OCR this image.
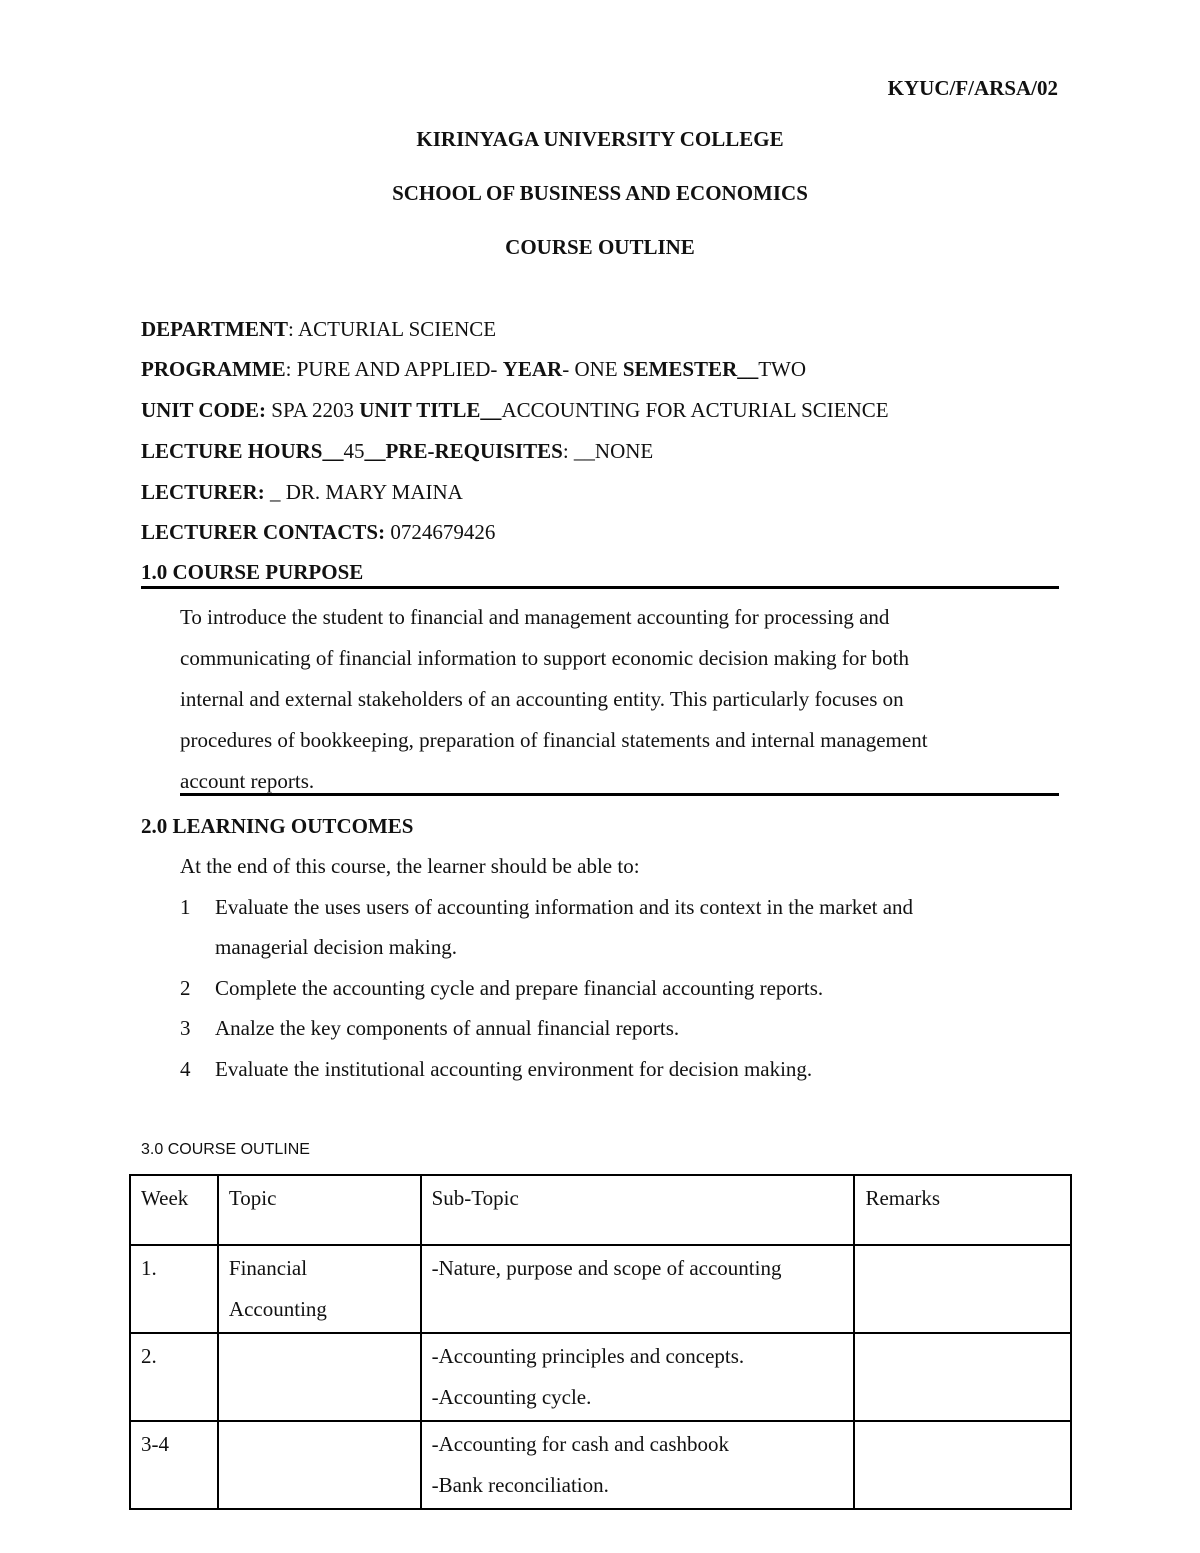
KYUC/F/ARSA/02
KIRINYAGA UNIVERSITY COLLEGE
SCHOOL OF BUSINESS AND ECONOMICS
COURSE OUTLINE
DEPARTMENT: ACTURIAL SCIENCE
PROGRAMME: PURE AND APPLIED- YEAR- ONE SEMESTER__TWO
UNIT CODE: SPA 2203 UNIT TITLE__ACCOUNTING FOR ACTURIAL SCIENCE
LECTURE HOURS__45__PRE-REQUISITES: __NONE
LECTURER: _ DR. MARY MAINA
LECTURER CONTACTS: 0724679426
1.0 COURSE PURPOSE
To introduce the student to financial and management accounting for processing and
communicating of financial information to support economic decision making for both
internal and external stakeholders of an accounting entity. This particularly focuses on
procedures of bookkeeping, preparation of financial statements and internal management
account reports.
2.0 LEARNING OUTCOMES
At the end of this course, the learner should be able to:
1 Evaluate the uses users of accounting information and its context in the market and
managerial decision making.
2 Complete the accounting cycle and prepare financial accounting reports.
3 Analze the key components of annual financial reports.
4 Evaluate the institutional accounting environment for decision making.
3.0 COURSE OUTLINE
Week	Topic	Sub-Topic	Remarks
1.	Financial
Accounting	-Nature, purpose and scope of accounting	

2.		-Accounting principles and concepts.
-Accounting cycle.	

3-4		-Accounting for cash and cashbook
-Bank reconciliation.	
